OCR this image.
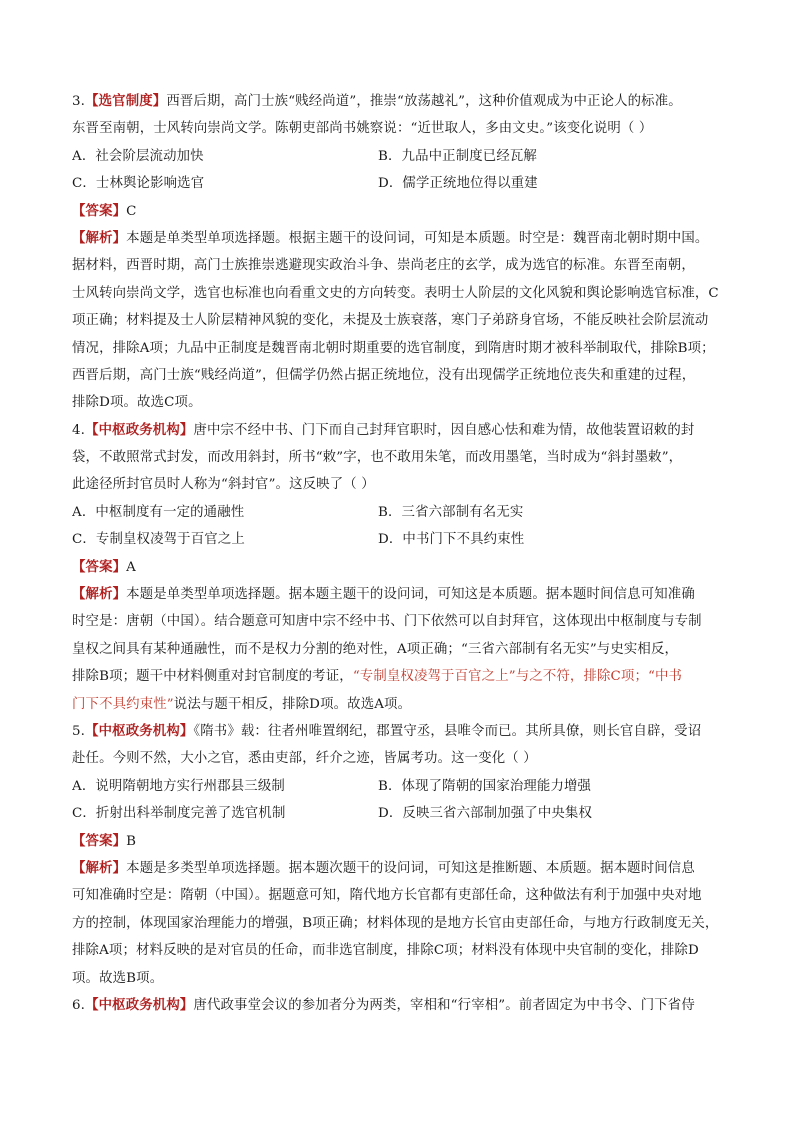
3.【选官制度】西晋后期，高门士族“贱经尚道”，推崇“放荡越礼”，这种价值观成为中正论人的标准。
东晋至南朝，士风转向崇尚文学。陈朝吏部尚书姚察说：“近世取人，多由文史。”该变化说明（ ）
A．社会阶层流动加快	B．九品中正制度已经瓦解
C．士林舆论影响选官	D．儒学正统地位得以重建
【答案】C
【解析】本题是单类型单项选择题。根据主题干的设问词，可知是本质题。时空是：魏晋南北朝时期中国。
据材料，西晋时期，高门士族推崇逃避现实政治斗争、崇尚老庄的玄学，成为选官的标准。东晋至南朝，
士风转向崇尚文学，选官也标准也向看重文史的方向转变。表明士人阶层的文化风貌和舆论影响选官标准，C
项正确；材料提及士人阶层精神风貌的变化，未提及士族衰落，寒门子弟跻身官场，不能反映社会阶层流动
情况，排除A项；九品中正制度是魏晋南北朝时期重要的选官制度，到隋唐时期才被科举制取代，排除B项；
西晋后期，高门士族“贱经尚道”，但儒学仍然占据正统地位，没有出现儒学正统地位丧失和重建的过程，
排除D项。故选C项。
4.【中枢政务机构】唐中宗不经中书、门下而自己封拜官职时，因自感心怯和难为情，故他装置诏敕的封
袋，不敢照常式封发，而改用斜封，所书“敕”字，也不敢用朱笔，而改用墨笔，当时成为“斜封墨敕”，
此途径所封官员时人称为“斜封官”。这反映了（ ）
A．中枢制度有一定的通融性	B．三省六部制有名无实
C．专制皇权凌驾于百官之上	D．中书门下不具约束性
【答案】A
【解析】本题是单类型单项选择题。据本题主题干的设问词，可知这是本质题。据本题时间信息可知准确
时空是：唐朝（中国）。结合题意可知唐中宗不经中书、门下依然可以自封拜官，这体现出中枢制度与专制
皇权之间具有某种通融性，而不是权力分割的绝对性，A项正确；“三省六部制有名无实”与史实相反，
排除B项；题干中材料侧重对封官制度的考证，“专制皇权凌驾于百官之上”与之不符，排除C项；“中书
门下不具约束性”说法与题干相反，排除D项。故选A项。
5.【中枢政务机构】《隋书》载：往者州唯置纲纪，郡置守丞，县唯令而已。其所具僚，则长官自辟，受诏
赴任。今则不然，大小之官，悉由吏部，纤介之迹，皆属考功。这一变化（ ）
A．说明隋朝地方实行州郡县三级制	B．体现了隋朝的国家治理能力增强
C．折射出科举制度完善了选官机制	D．反映三省六部制加强了中央集权
【答案】B
【解析】本题是多类型单项选择题。据本题次题干的设问词，可知这是推断题、本质题。据本题时间信息
可知准确时空是：隋朝（中国）。据题意可知，隋代地方长官都有吏部任命，这种做法有利于加强中央对地
方的控制，体现国家治理能力的增强，B项正确；材料体现的是地方长官由吏部任命，与地方行政制度无关，
排除A项；材料反映的是对官员的任命，而非选官制度，排除C项；材料没有体现中央官制的变化，排除D
项。故选B项。
6.【中枢政务机构】唐代政事堂会议的参加者分为两类，宰相和“行宰相”。前者固定为中书令、门下省侍
